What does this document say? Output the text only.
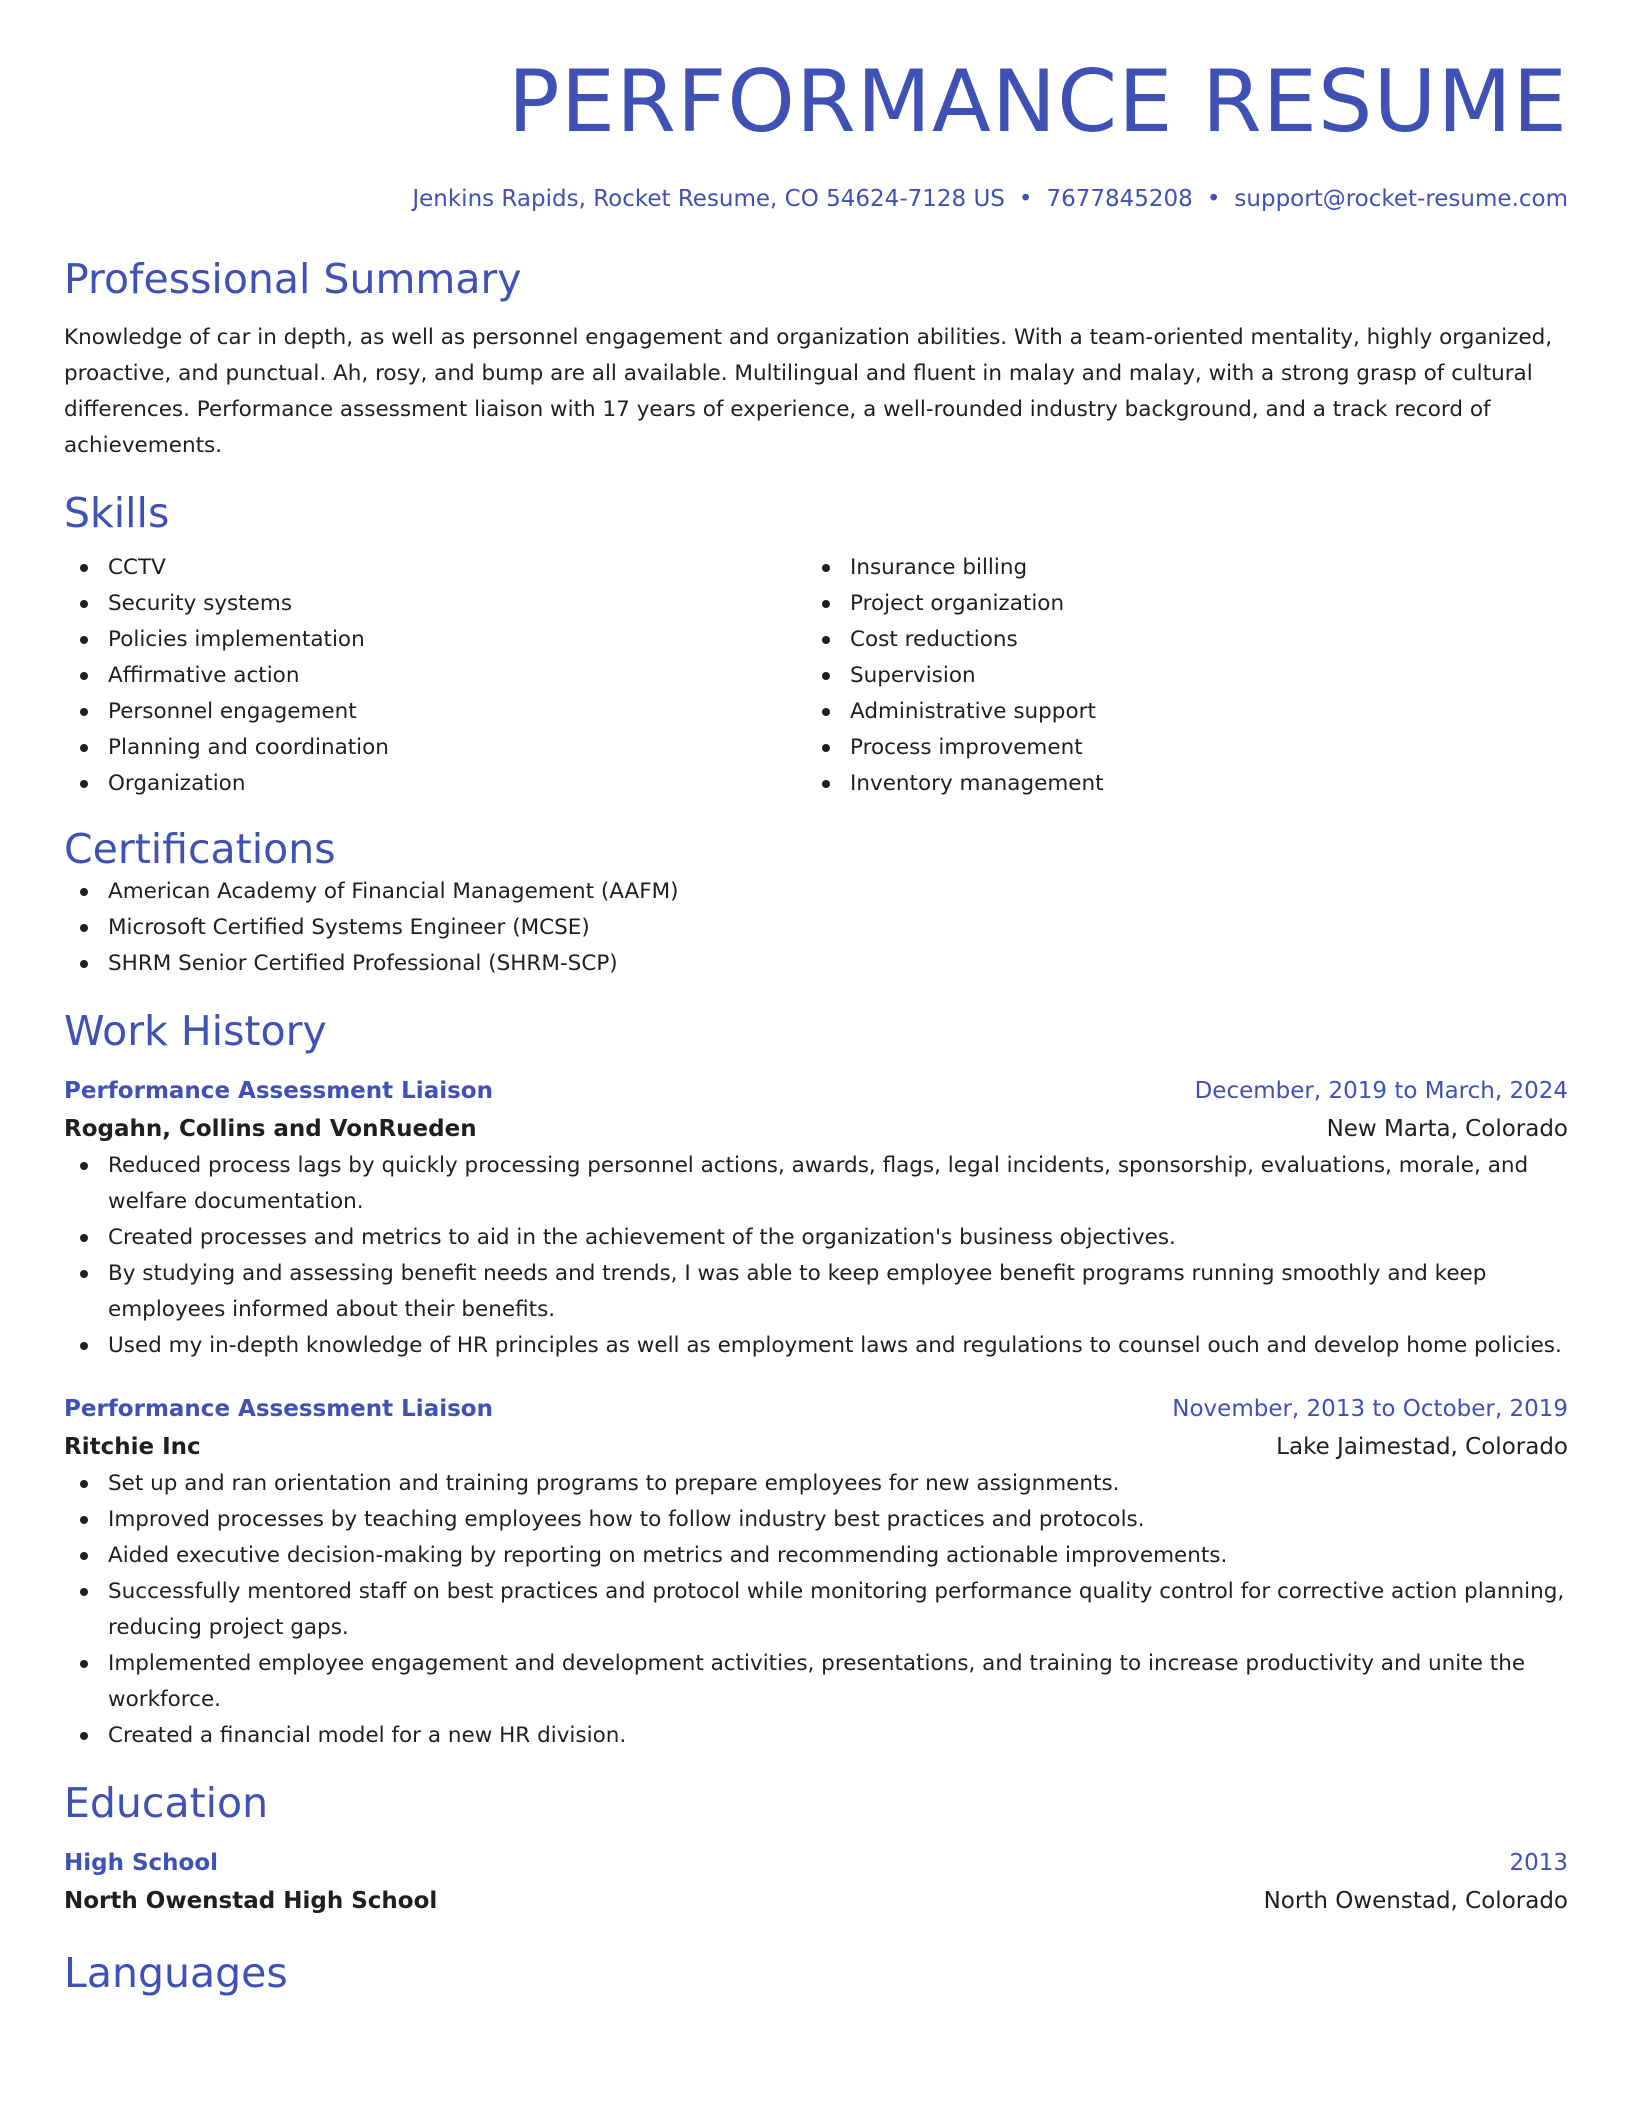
PERFORMANCE RESUME
Jenkins Rapids, Rocket Resume, CO 54624-7128 US • 7677845208 • support@rocket-resume.com
Professional Summary
Knowledge of car in depth, as well as personnel engagement and organization abilities. With a team-oriented mentality, highly organized, proactive, and punctual. Ah, rosy, and bump are all available. Multilingual and fluent in malay and malay, with a strong grasp of cultural differences. Performance assessment liaison with 17 years of experience, a well-rounded industry background, and a track record of achievements.
Skills
CCTV
Security systems
Policies implementation
Affirmative action
Personnel engagement
Planning and coordination
Organization
Insurance billing
Project organization
Cost reductions
Supervision
Administrative support
Process improvement
Inventory management
Certifications
American Academy of Financial Management (AAFM)
Microsoft Certified Systems Engineer (MCSE)
SHRM Senior Certified Professional (SHRM-SCP)
Work History
Performance Assessment Liaison	December, 2019 to March, 2024
Rogahn, Collins and VonRueden	New Marta, Colorado
Reduced process lags by quickly processing personnel actions, awards, flags, legal incidents, sponsorship, evaluations, morale, and welfare documentation.
Created processes and metrics to aid in the achievement of the organization's business objectives.
By studying and assessing benefit needs and trends, I was able to keep employee benefit programs running smoothly and keep employees informed about their benefits.
Used my in-depth knowledge of HR principles as well as employment laws and regulations to counsel ouch and develop home policies.
Performance Assessment Liaison	November, 2013 to October, 2019
Ritchie Inc	Lake Jaimestad, Colorado
Set up and ran orientation and training programs to prepare employees for new assignments.
Improved processes by teaching employees how to follow industry best practices and protocols.
Aided executive decision-making by reporting on metrics and recommending actionable improvements.
Successfully mentored staff on best practices and protocol while monitoring performance quality control for corrective action planning, reducing project gaps.
Implemented employee engagement and development activities, presentations, and training to increase productivity and unite the workforce.
Created a financial model for a new HR division.
Education
High School	2013
North Owenstad High School	North Owenstad, Colorado
Languages
